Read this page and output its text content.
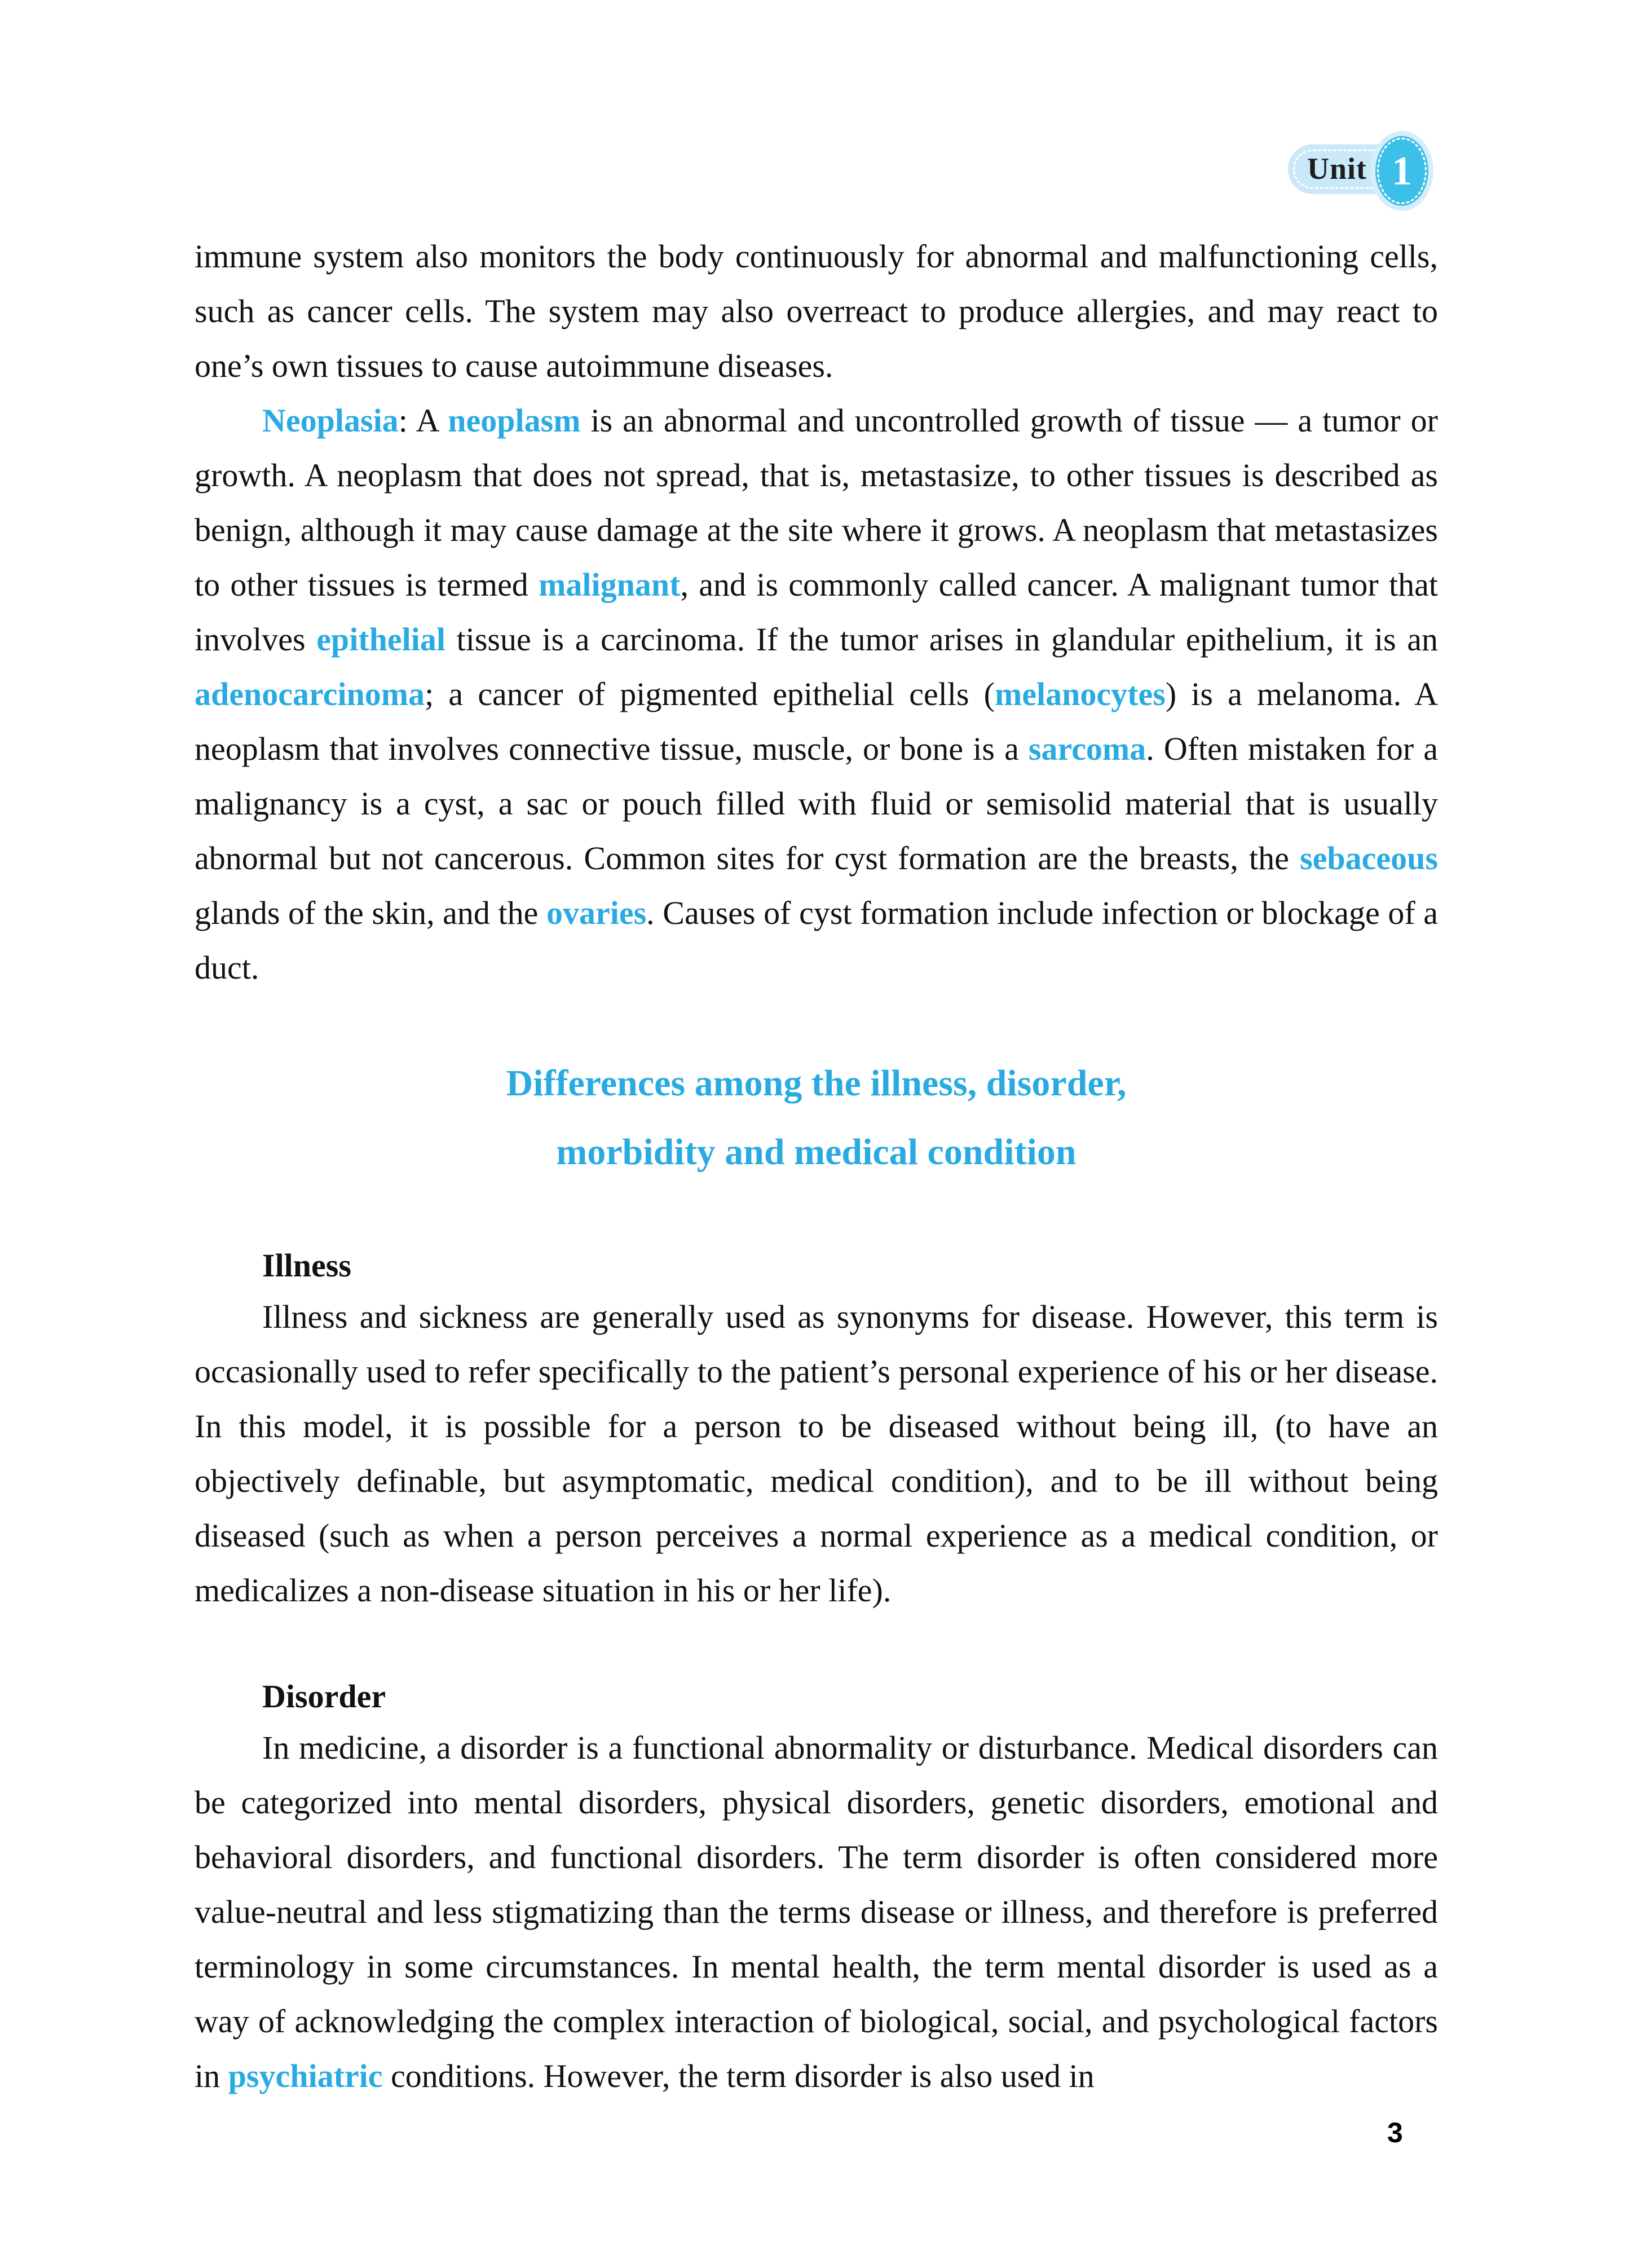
Unit 1

immune system also monitors the body continuously for abnormal and malfunctioning cells, such as cancer cells. The system may also overreact to produce allergies, and may react to one’s own tissues to cause autoimmune diseases.

Neoplasia: A neoplasm is an abnormal and uncontrolled growth of tissue — a tumor or growth. A neoplasm that does not spread, that is, metastasize, to other tissues is described as benign, although it may cause damage at the site where it grows. A neoplasm that metastasizes to other tissues is termed malignant, and is commonly called cancer. A malignant tumor that involves epithelial tissue is a carcinoma. If the tumor arises in glandular epithelium, it is an adenocarcinoma; a cancer of pigmented epithelial cells (melanocytes) is a melanoma. A neoplasm that involves connective tissue, muscle, or bone is a sarcoma. Often mistaken for a malignancy is a cyst, a sac or pouch filled with fluid or semisolid material that is usually abnormal but not cancerous. Common sites for cyst formation are the breasts, the sebaceous glands of the skin, and the ovaries. Causes of cyst formation include infection or blockage of a duct.

Differences among the illness, disorder,
morbidity and medical condition
Illness

Illness and sickness are generally used as synonyms for disease. However, this term is occasionally used to refer specifically to the patient’s personal experience of his or her disease. In this model, it is possible for a person to be diseased without being ill, (to have an objectively definable, but asymptomatic, medical condition), and to be ill without being diseased (such as when a person perceives a normal experience as a medical condition, or medicalizes a non-disease situation in his or her life).

Disorder

In medicine, a disorder is a functional abnormality or disturbance. Medical disorders can be categorized into mental disorders, physical disorders, genetic disorders, emotional and behavioral disorders, and functional disorders. The term disorder is often considered more value-neutral and less stigmatizing than the terms disease or illness, and therefore is preferred terminology in some circumstances. In mental health, the term mental disorder is used as a way of acknowledging the complex interaction of biological, social, and psychological factors in psychiatric conditions. However, the term disorder is also used in

3
